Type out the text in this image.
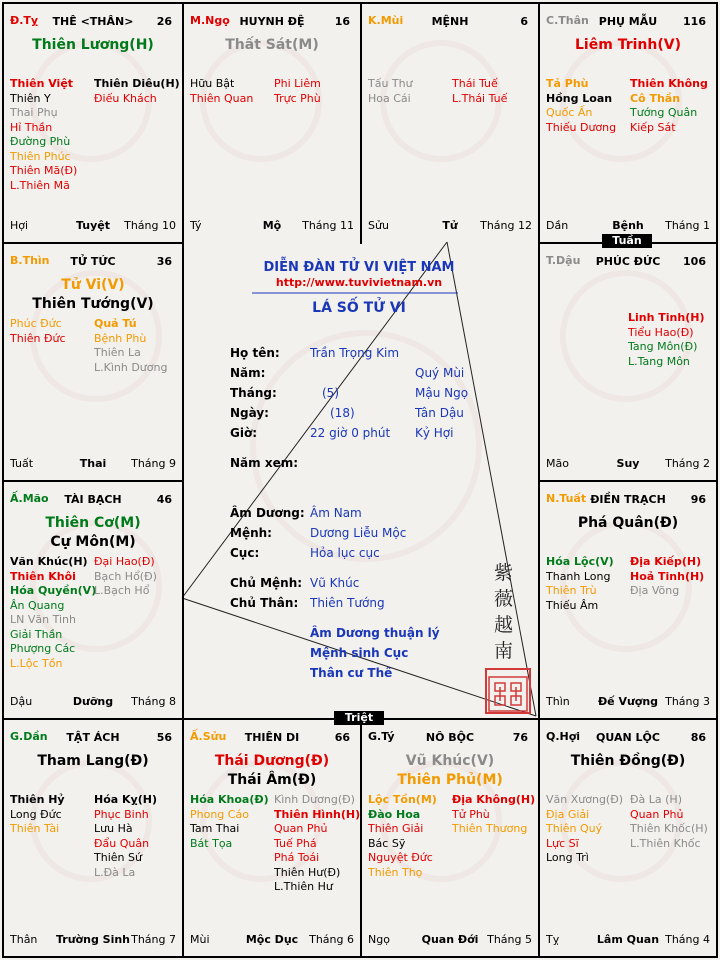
Đ.Tỵ	THÊ <THÂN>	26
Thiên Lương(H)
Thiên Việt
Thiên Y
Thai Phụ
Hỉ Thần
Đường Phù
Thiên Phúc
Thiên Mã(Đ)
L.Thiên Mã
Thiên Diêu(H)
Điếu Khách
Hợi	Tuyệt	Tháng 10
M.Ngọ HUYNH ĐỆ	16
Thất Sát(M)
Hữu Bật
Thiên Quan
Phi Liêm
Trực Phù
Tý	Mộ	Tháng 11
K.Mùi	MỆNH	6
Tấu Thư
Hoa Cái
Thái Tuế
L.Thái Tuế
Sửu	Tử	Tháng 12
C.Thân PHỤ MẪU	116
Liêm Trinh(V)
Tả Phù
Hồng Loan
Quốc Ấn
Thiếu Dương
Thiên Không
Cô Thần
Tướng Quân
Kiếp Sát
Dần	Bệnh	Tháng 1
B.Thìn	TỬ TỨC	36
Tử Vi(V)
Thiên Tướng(V)
Phúc Đức
Thiên Đức
Quả Tú
Bệnh Phù
Thiên La
L.Kình Dương
Tuất	Thai	Tháng 9
T.Dậu	PHÚC ĐỨC	106
Linh Tinh(H)
Tiểu Hao(Đ)
Tang Môn(Đ)
L.Tang Môn
Mão	Suy	Tháng 2
Ấ.Mão	TÀI BẠCH	46
Thiên Cơ(M)
Cự Môn(M)
Văn Khúc(H)
Thiên Khôi
Hóa Quyền(V)
Ân Quang
LN Văn Tinh
Giải Thần
Phượng Các
L.Lộc Tồn
Đại Hao(Đ)
Bạch Hổ(Đ)
L.Bạch Hổ
Dậu	Dưỡng	Tháng 8
N.Tuất ĐIỀN TRẠCH	96
Phá Quân(Đ)
Hóa Lộc(V)
Thanh Long
Thiên Trù
Thiếu Âm
Địa Kiếp(H)
Hoả Tinh(H)
Địa Võng
Thìn	Đế Vượng Tháng 3
G.Dần	TẬT ÁCH	56
Tham Lang(Đ)
Thiên Hỷ
Long Đức
Thiên Tài
Hóa Kỵ(H)
Phục Binh
Lưu Hà
Đẩu Quân
Thiên Sứ
L.Đà La
Thân	Trường Sinh Tháng 7
Ấ.Sửu	THIÊN DI	66
Thái Dương(Đ)
Thái Âm(Đ)
Hóa Khoa(Đ)
Phong Cáo
Tam Thai
Bát Tọa
Kình Dương(Đ)
Thiên Hình(H)
Quan Phủ
Tuế Phá
Phá Toái
Thiên Hư(Đ)
L.Thiên Hư
Mùi	Mộc Dục Tháng 6
G.Tý	NÔ BỘC	76
Vũ Khúc(V)
Thiên Phủ(M)
Lộc Tồn(M)
Đào Hoa
Thiên Giải
Bác Sỹ
Nguyệt Đức
Thiên Thọ
Địa Không(H)
Tử Phù
Thiên Thương
Ngọ	Quan Đới Tháng 5
Q.Hợi	QUAN LỘC	86
Thiên Đồng(Đ)
Văn Xương(Đ)
Địa Giải
Thiên Quý
Lực Sĩ
Long Trì
Đà La (H)
Quan Phủ
Thiên Khốc(H)
L.Thiên Khốc
Tỵ	Lâm Quan Tháng 4
Tuần
Triệt
DIỄN ĐÀN TỬ VI VIỆT NAM
http://www.tuvivietnam.vn
LÁ SỐ TỬ VI
Họ tên:	Trần Trọng Kim
Năm:	Quý Mùi
Tháng:	(5)	Mậu Ngọ
Ngày:	(18)	Tân Dậu
Giờ:	22 giờ 0 phút Kỷ Hợi
Năm xem:
Âm Dương: Âm Nam
Mệnh:	Dương Liễu Mộc
Cục:	Hỏa lục cục
Chủ Mệnh: Vũ Khúc
Chủ Thân: Thiên Tướng
Âm Dương thuận lý
Mệnh sinh Cục
Thân cư Thê
紫薇越南
